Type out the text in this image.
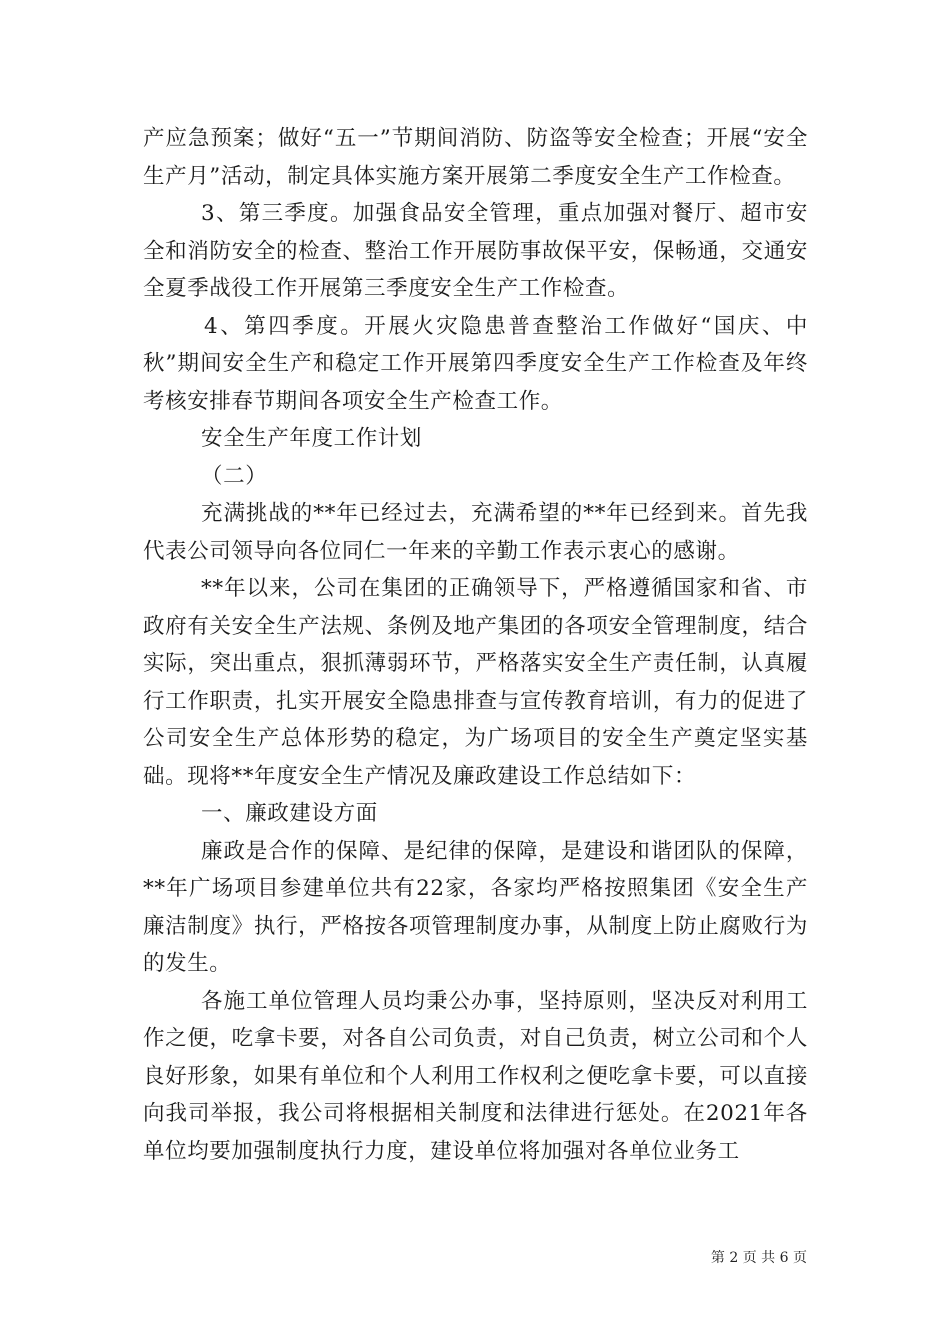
产应急预案；做好“五一”节期间消防、防盗等安全检查；开展“安全生产月”活动，制定具体实施方案开展第二季度安全生产工作检查。

3、第三季度。加强食品安全管理，重点加强对餐厅、超市安全和消防安全的检查、整治工作开展防事故保平安，保畅通，交通安全夏季战役工作开展第三季度安全生产工作检查。

4、第四季度。开展火灾隐患普查整治工作做好“国庆、中秋”期间安全生产和稳定工作开展第四季度安全生产工作检查及年终考核安排春节期间各项安全生产检查工作。

安全生产年度工作计划

（二）

充满挑战的**年已经过去，充满希望的**年已经到来。首先我代表公司领导向各位同仁一年来的辛勤工作表示衷心的感谢。

**年以来，公司在集团的正确领导下，严格遵循国家和省、市政府有关安全生产法规、条例及地产集团的各项安全管理制度，结合实际，突出重点，狠抓薄弱环节，严格落实安全生产责任制，认真履行工作职责，扎实开展安全隐患排查与宣传教育培训，有力的促进了公司安全生产总体形势的稳定，为广场项目的安全生产奠定坚实基础。现将**年度安全生产情况及廉政建设工作总结如下：

一、廉政建设方面

廉政是合作的保障、是纪律的保障，是建设和谐团队的保障，**年广场项目参建单位共有22家，各家均严格按照集团《安全生产廉洁制度》执行，严格按各项管理制度办事，从制度上防止腐败行为的发生。

各施工单位管理人员均秉公办事，坚持原则，坚决反对利用工作之便，吃拿卡要，对各自公司负责，对自己负责，树立公司和个人良好形象，如果有单位和个人利用工作权利之便吃拿卡要，可以直接向我司举报，我公司将根据相关制度和法律进行惩处。在2021年各单位均要加强制度执行力度，建设单位将加强对各单位业务工

第 2 页 共 6 页
